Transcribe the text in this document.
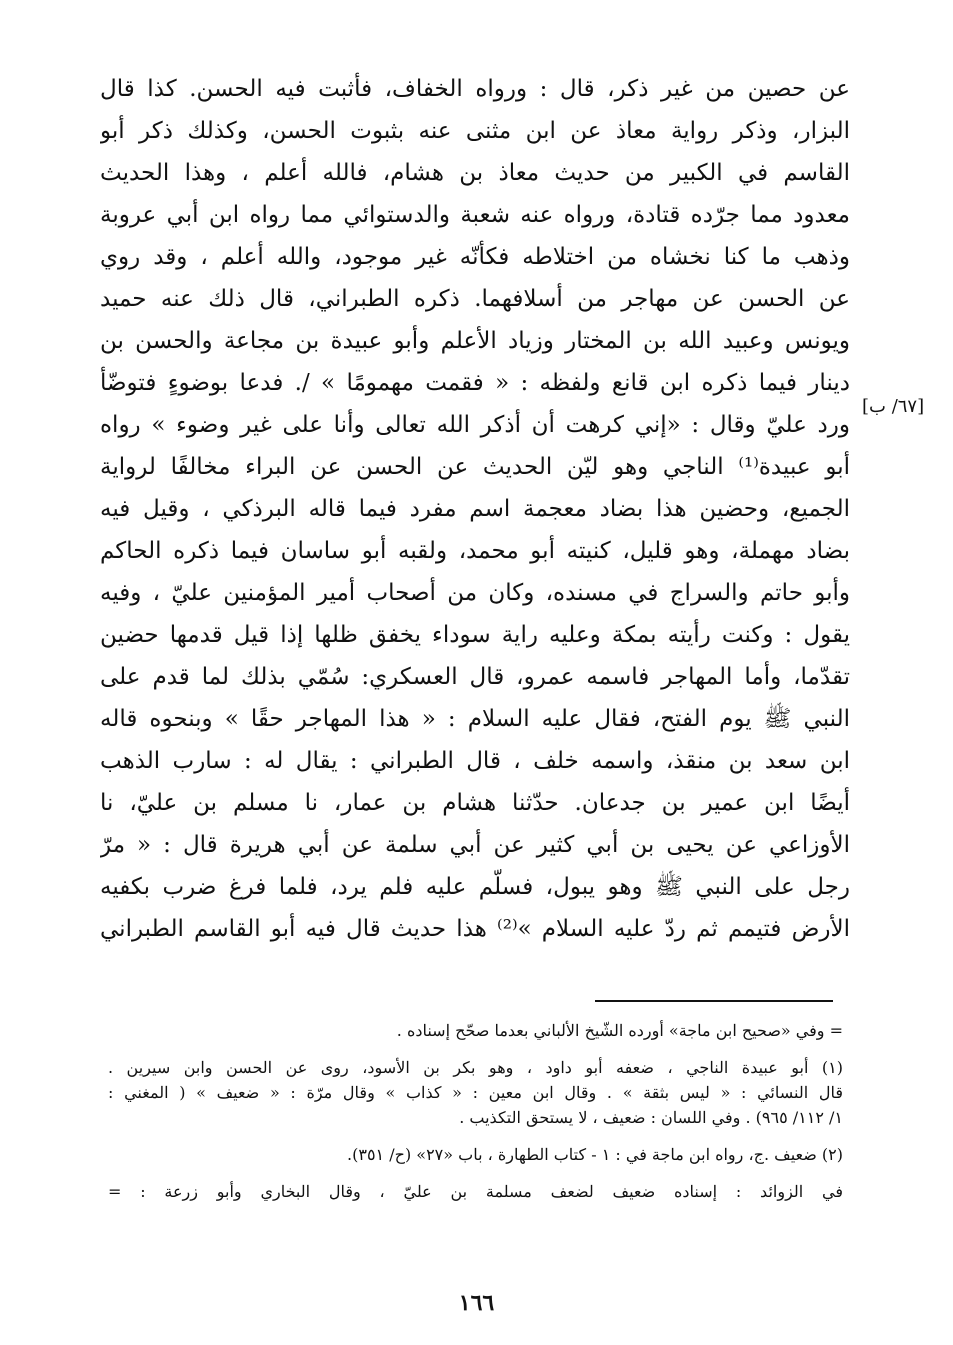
عن حصين من غير ذكر، قال : ورواه الخفاف، فأثبت فيه الحسن. كذا قال
البزار، وذكر رواية معاذ عن ابن مثنى عنه بثبوت الحسن، وكذلك ذكر أبو
القاسم في الكبير من حديث معاذ بن هشام، فالله أعلم ، وهذا الحديث
معدود مما جرّده قتادة، ورواه عنه شعبة والدستوائي مما رواه ابن أبي عروبة
وذهب ما كنا نخشاه من اختلاطه فكأنّه غير موجود، والله أعلم ، وقد روي
عن الحسن عن مهاجر من أسلافهما. ذكره الطبراني، قال ذلك عنه حميد
ويونس وعبيد الله بن المختار وزياد الأعلم وأبو عبيدة بن مجاعة والحسن بن
دينار فيما ذكره ابن قانع ولفظه : « فقمت مهمومًا » /. فدعا بوضوءٍ فتوضّأ
ورد عليّ وقال : «إني كرهت أن أذكر الله تعالى وأنا على غير وضوء » رواه
أبو عبيدة⁽¹⁾ الناجي وهو ليّن الحديث عن الحسن عن البراء مخالفًا لرواية
الجميع، وحضين هذا بضاد معجمة اسم مفرد فيما قاله البرذكي ، وقيل فيه
بضاد مهملة، وهو قليل، كنيته أبو محمد، ولقبه أبو ساسان فيما ذكره الحاكم
وأبو حاتم والسراج في مسنده، وكان من أصحاب أمير المؤمنين عليّ ، وفيه
يقول : وكنت رأيته بمكة وعليه راية سوداء يخفق ظلها إذا قيل قدمها حضين
تقدّما، وأما المهاجر فاسمه عمرو، قال العسكري: سُمّي بذلك لما قدم على
النبي ﷺ يوم الفتح، فقال عليه السلام : « هذا المهاجر حقًا » وبنحوه قاله
ابن سعد بن منقذ، واسمه خلف ، قال الطبراني : يقال له : سارب الذهب
أيضًا ابن عمير بن جدعان. حدّثنا هشام بن عمار، نا مسلم بن عليّ، نا
الأوزاعي عن يحيى بن أبي كثير عن أبي سلمة عن أبي هريرة قال : « مرّ
رجل على النبي ﷺ وهو يبول، فسلّم عليه فلم يرد، فلما فرغ ضرب بكفيه
الأرض فتيمم ثم ردّ عليه السلام »⁽²⁾ هذا حديث قال فيه أبو القاسم الطبراني
[٦٧/ ب]
= وفي «صحيح ابن ماجة» أورده الشّيخ الألباني بعدما صحّح إسناده .
(١) أبو عبيدة الناجي ، ضعفه أبو داود ، وهو بكر بن الأسود، روى عن الحسن وابن سيرين .
قال النسائي : « ليس بثقة » . وقال ابن معين : « كذاب » وقال مرّة : « ضعيف » ( المغني :
١/ ١١٢/ ٩٦٥) . وفي اللسان : ضعيف ، لا يستحق التكذيب .
(٢) ضعيف .ج، رواه ابن ماجة في : ١ - كتاب الطهارة ، باب «٢٧» (ح/ ٣٥١).
في الزوائد : إسناده ضعيف لضعف مسلمة بن عليّ ، وقال البخاري وأبو زرعة : =
١٦٦
